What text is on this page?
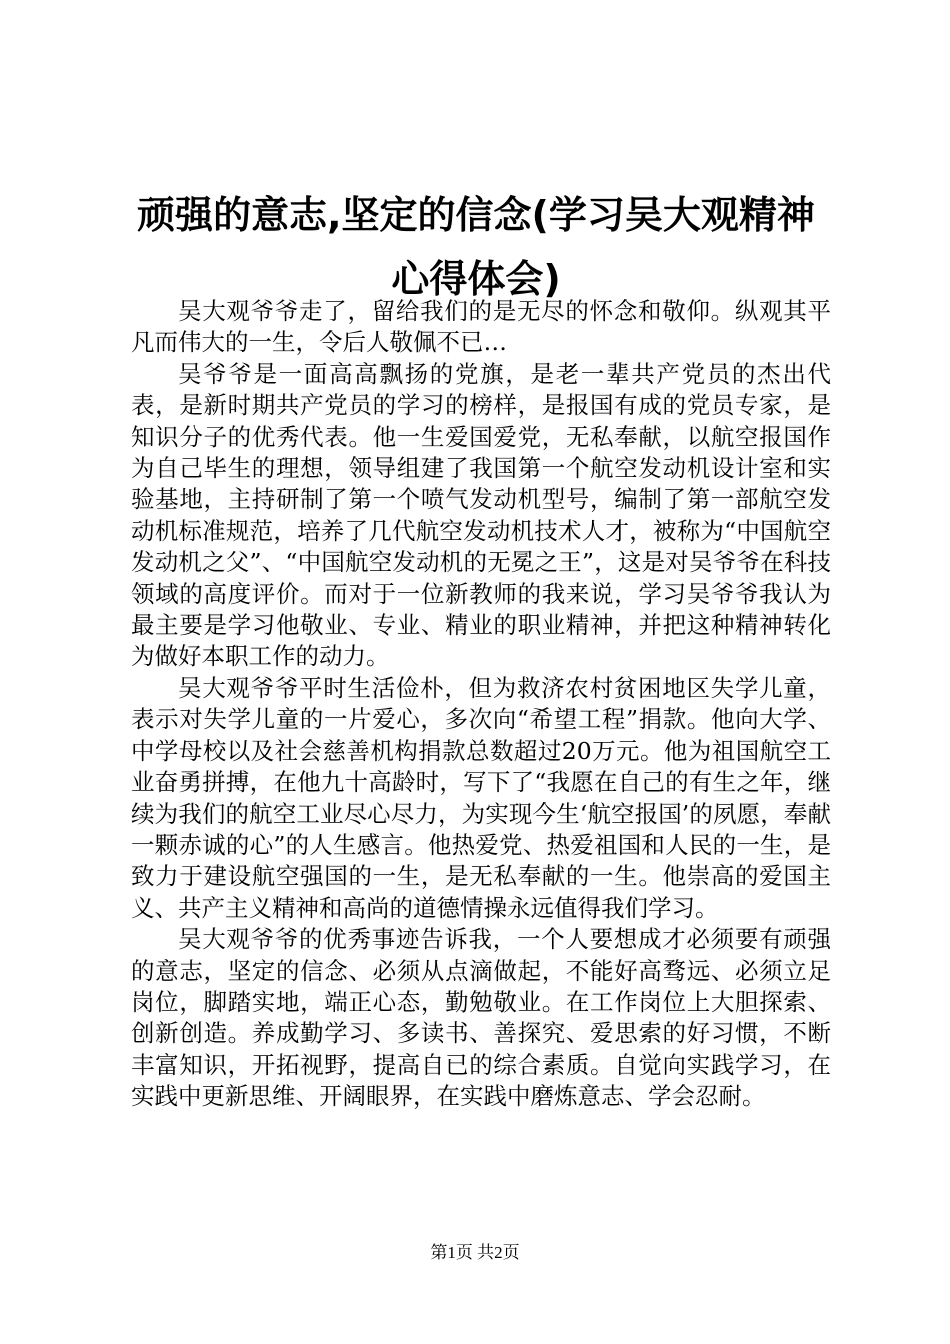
顽强的意志,坚定的信念(学习吴大观精神心得体会)

吴大观爷爷走了，留给我们的是无尽的怀念和敬仰。纵观其平凡而伟大的一生，令后人敬佩不已…

吴爷爷是一面高高飘扬的党旗，是老一辈共产党员的杰出代表，是新时期共产党员的学习的榜样，是报国有成的党员专家，是知识分子的优秀代表。他一生爱国爱党，无私奉献，以航空报国作为自己毕生的理想，领导组建了我国第一个航空发动机设计室和实验基地，主持研制了第一个喷气发动机型号，编制了第一部航空发动机标准规范，培养了几代航空发动机技术人才，被称为“中国航空发动机之父”、“中国航空发动机的无冕之王”，这是对吴爷爷在科技领域的高度评价。而对于一位新教师的我来说，学习吴爷爷我认为最主要是学习他敬业、专业、精业的职业精神，并把这种精神转化为做好本职工作的动力。

吴大观爷爷平时生活俭朴，但为救济农村贫困地区失学儿童，表示对失学儿童的一片爱心，多次向“希望工程”捐款。他向大学、中学母校以及社会慈善机构捐款总数超过20万元。他为祖国航空工业奋勇拼搏，在他九十高龄时，写下了“我愿在自己的有生之年，继续为我们的航空工业尽心尽力，为实现今生‘航空报国’的夙愿，奉献一颗赤诚的心”的人生感言。他热爱党、热爱祖国和人民的一生，是致力于建设航空强国的一生，是无私奉献的一生。他崇高的爱国主义、共产主义精神和高尚的道德情操永远值得我们学习。

吴大观爷爷的优秀事迹告诉我，一个人要想成才必须要有顽强的意志，坚定的信念、必须从点滴做起，不能好高骛远、必须立足岗位，脚踏实地，端正心态，勤勉敬业。在工作岗位上大胆探索、创新创造。养成勤学习、多读书、善探究、爱思索的好习惯，不断丰富知识，开拓视野，提高自已的综合素质。自觉向实践学习，在实践中更新思维、开阔眼界，在实践中磨炼意志、学会忍耐。

第1页 共2页
